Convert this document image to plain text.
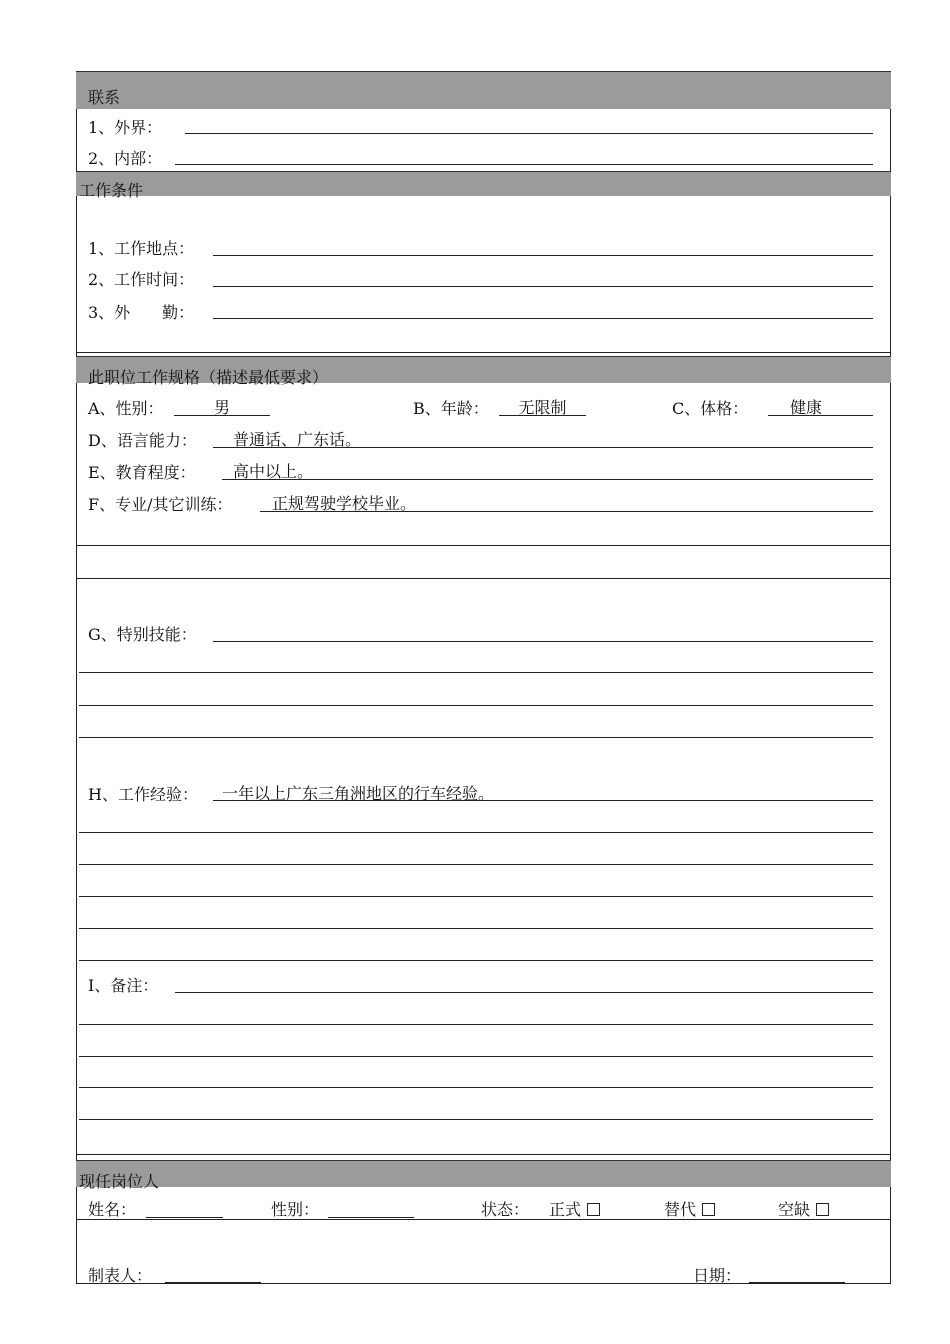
联系
1、外界：
2、内部：
工作条件
1、工作地点：
2、工作时间：
3、外　　勤：
此职位工作规格（描述最低要求）
A、性别：	男	B、年龄：	无限制	C、体格：	健康
D、语言能力： 普通话、广东话。
E、教育程度： 高中以上。
F、专业/其它训练： 正规驾驶学校毕业。
G、特别技能：
H、工作经验： 一年以上广东三角洲地区的行车经验。
I、备注：
现任岗位人
姓名：	性别：	状态： 正式	替代	空缺
制表人：	日期：
